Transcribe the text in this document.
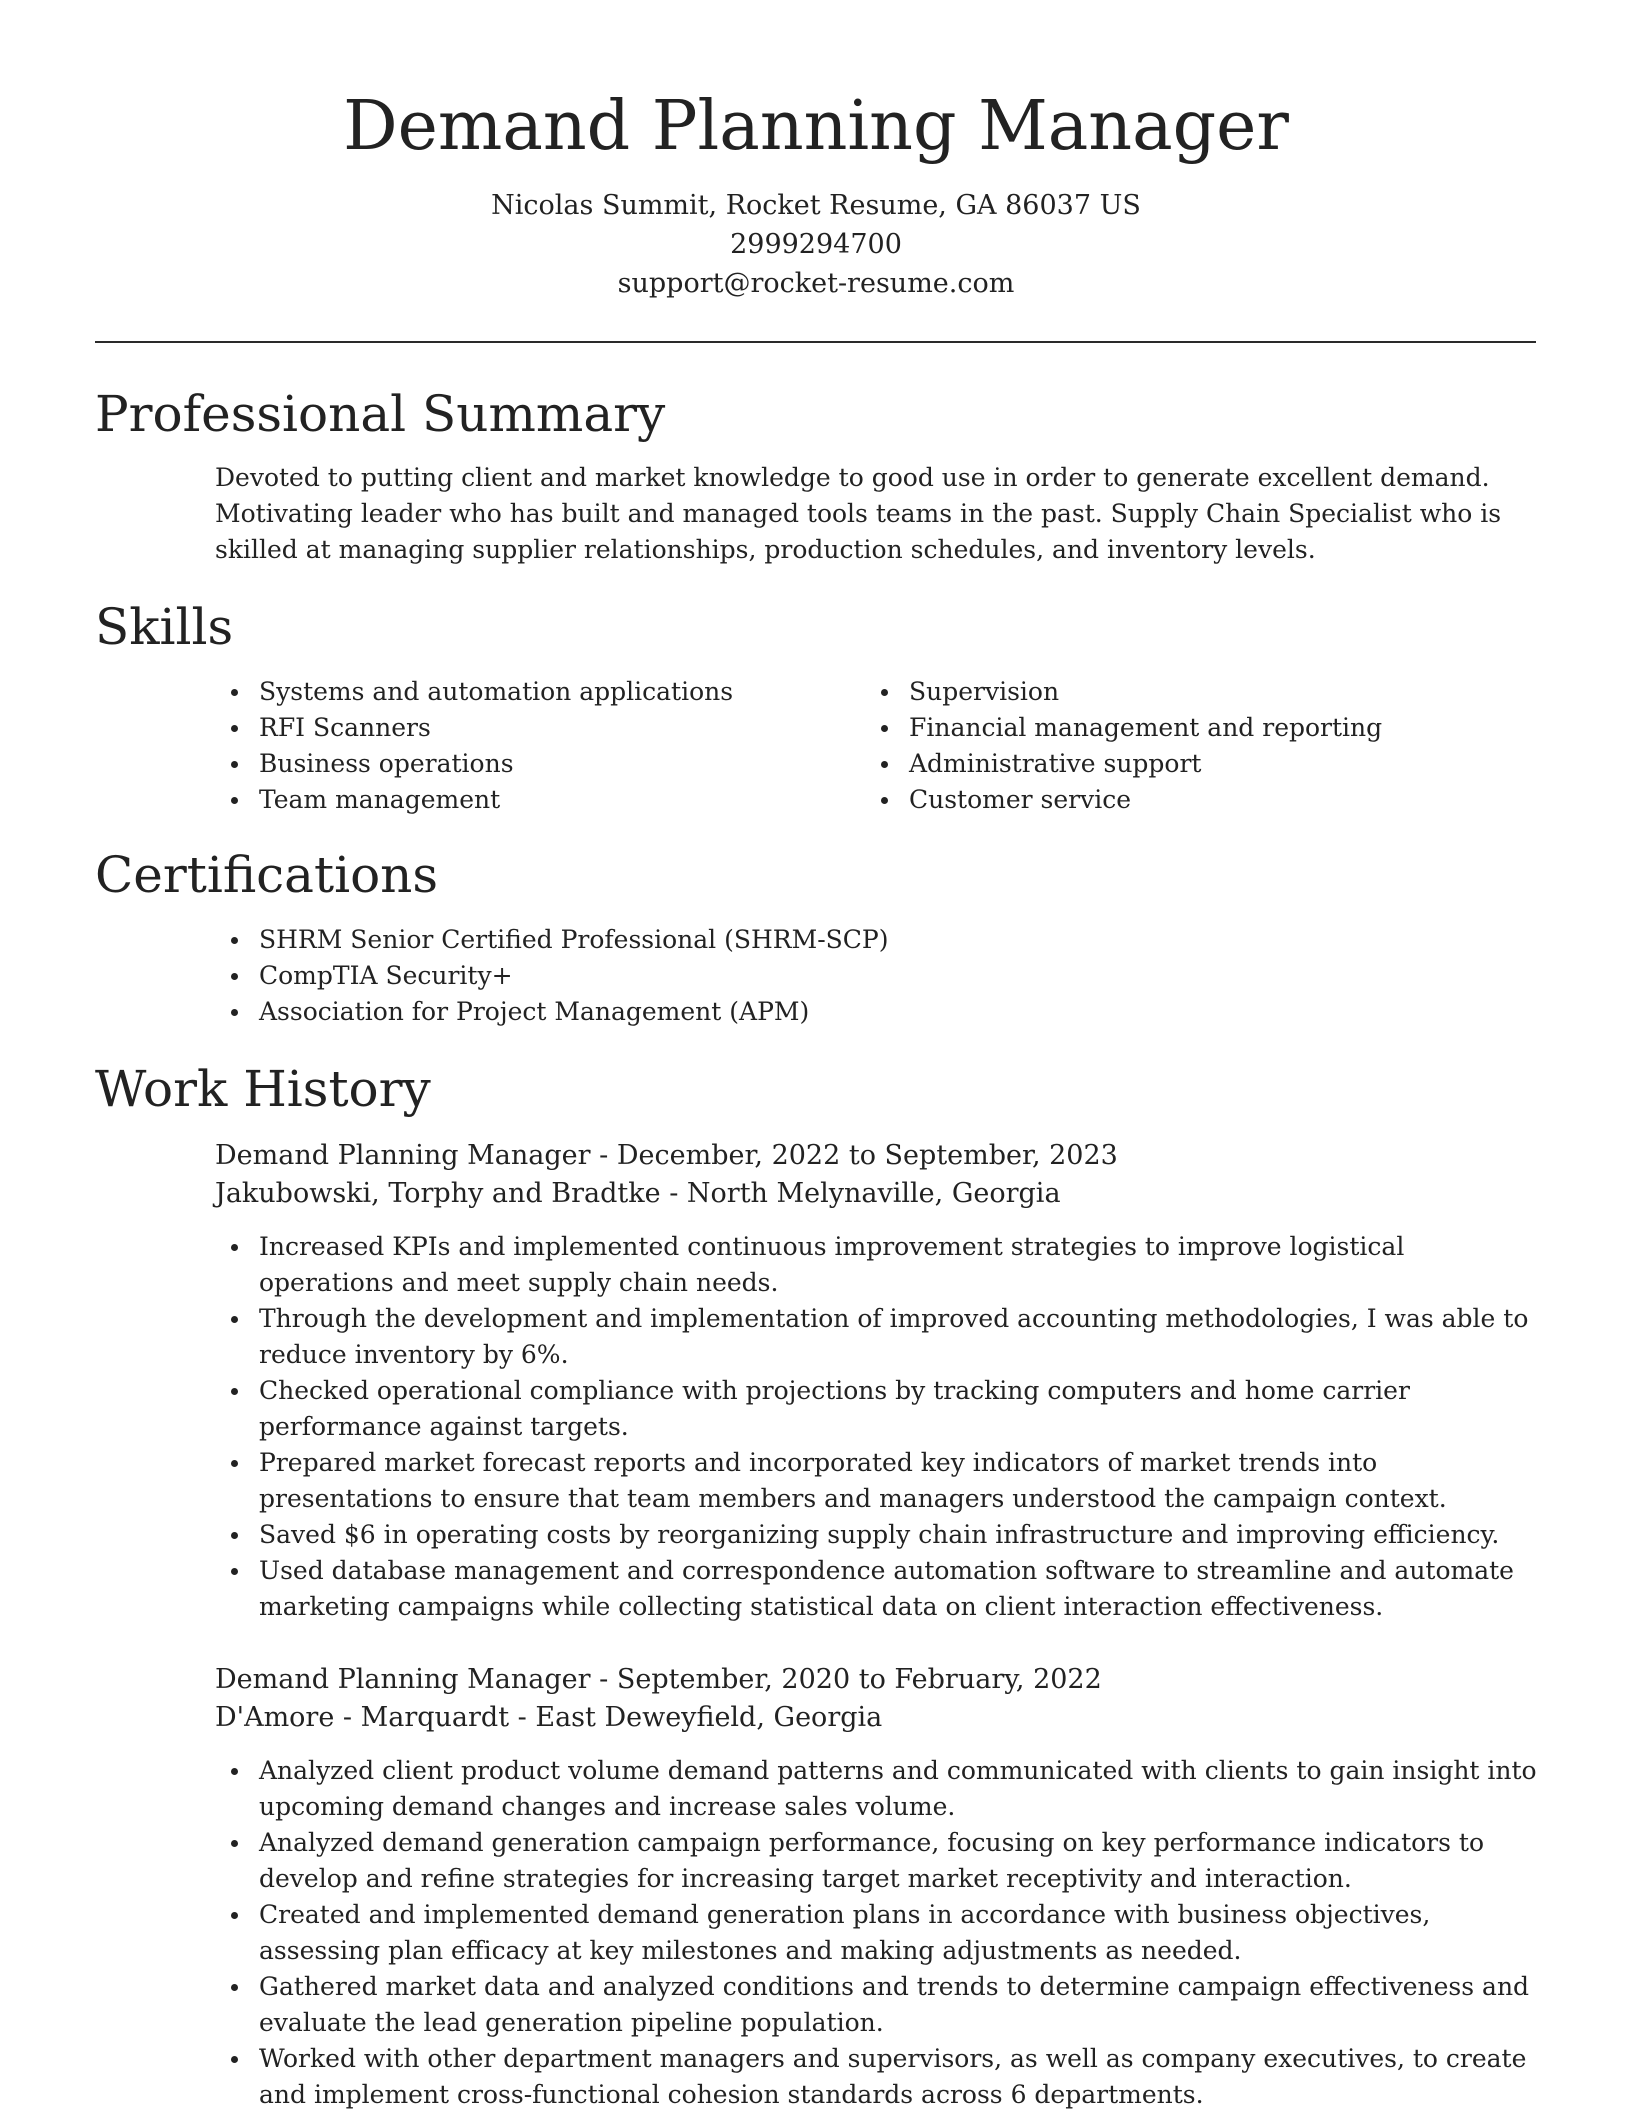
Demand Planning Manager
Nicolas Summit, Rocket Resume, GA 86037 US
2999294700
support@rocket-resume.com
Professional Summary
Devoted to putting client and market knowledge to good use in order to generate excellent demand. Motivating leader who has built and managed tools teams in the past. Supply Chain Specialist who is skilled at managing supplier relationships, production schedules, and inventory levels.
Skills
Systems and automation applications
RFI Scanners
Business operations
Team management
Supervision
Financial management and reporting
Administrative support
Customer service
Certifications
SHRM Senior Certified Professional (SHRM-SCP)
CompTIA Security+
Association for Project Management (APM)
Work History
Demand Planning Manager - December, 2022 to September, 2023
Jakubowski, Torphy and Bradtke - North Melynaville, Georgia
Increased KPIs and implemented continuous improvement strategies to improve logistical operations and meet supply chain needs.
Through the development and implementation of improved accounting methodologies, I was able to reduce inventory by 6%.
Checked operational compliance with projections by tracking computers and home carrier performance against targets.
Prepared market forecast reports and incorporated key indicators of market trends into presentations to ensure that team members and managers understood the campaign context.
Saved $6 in operating costs by reorganizing supply chain infrastructure and improving efficiency.
Used database management and correspondence automation software to streamline and automate marketing campaigns while collecting statistical data on client interaction effectiveness.
Demand Planning Manager - September, 2020 to February, 2022
D'Amore - Marquardt - East Deweyfield, Georgia
Analyzed client product volume demand patterns and communicated with clients to gain insight into upcoming demand changes and increase sales volume.
Analyzed demand generation campaign performance, focusing on key performance indicators to develop and refine strategies for increasing target market receptivity and interaction.
Created and implemented demand generation plans in accordance with business objectives, assessing plan efficacy at key milestones and making adjustments as needed.
Gathered market data and analyzed conditions and trends to determine campaign effectiveness and evaluate the lead generation pipeline population.
Worked with other department managers and supervisors, as well as company executives, to create and implement cross-functional cohesion standards across 6 departments.
